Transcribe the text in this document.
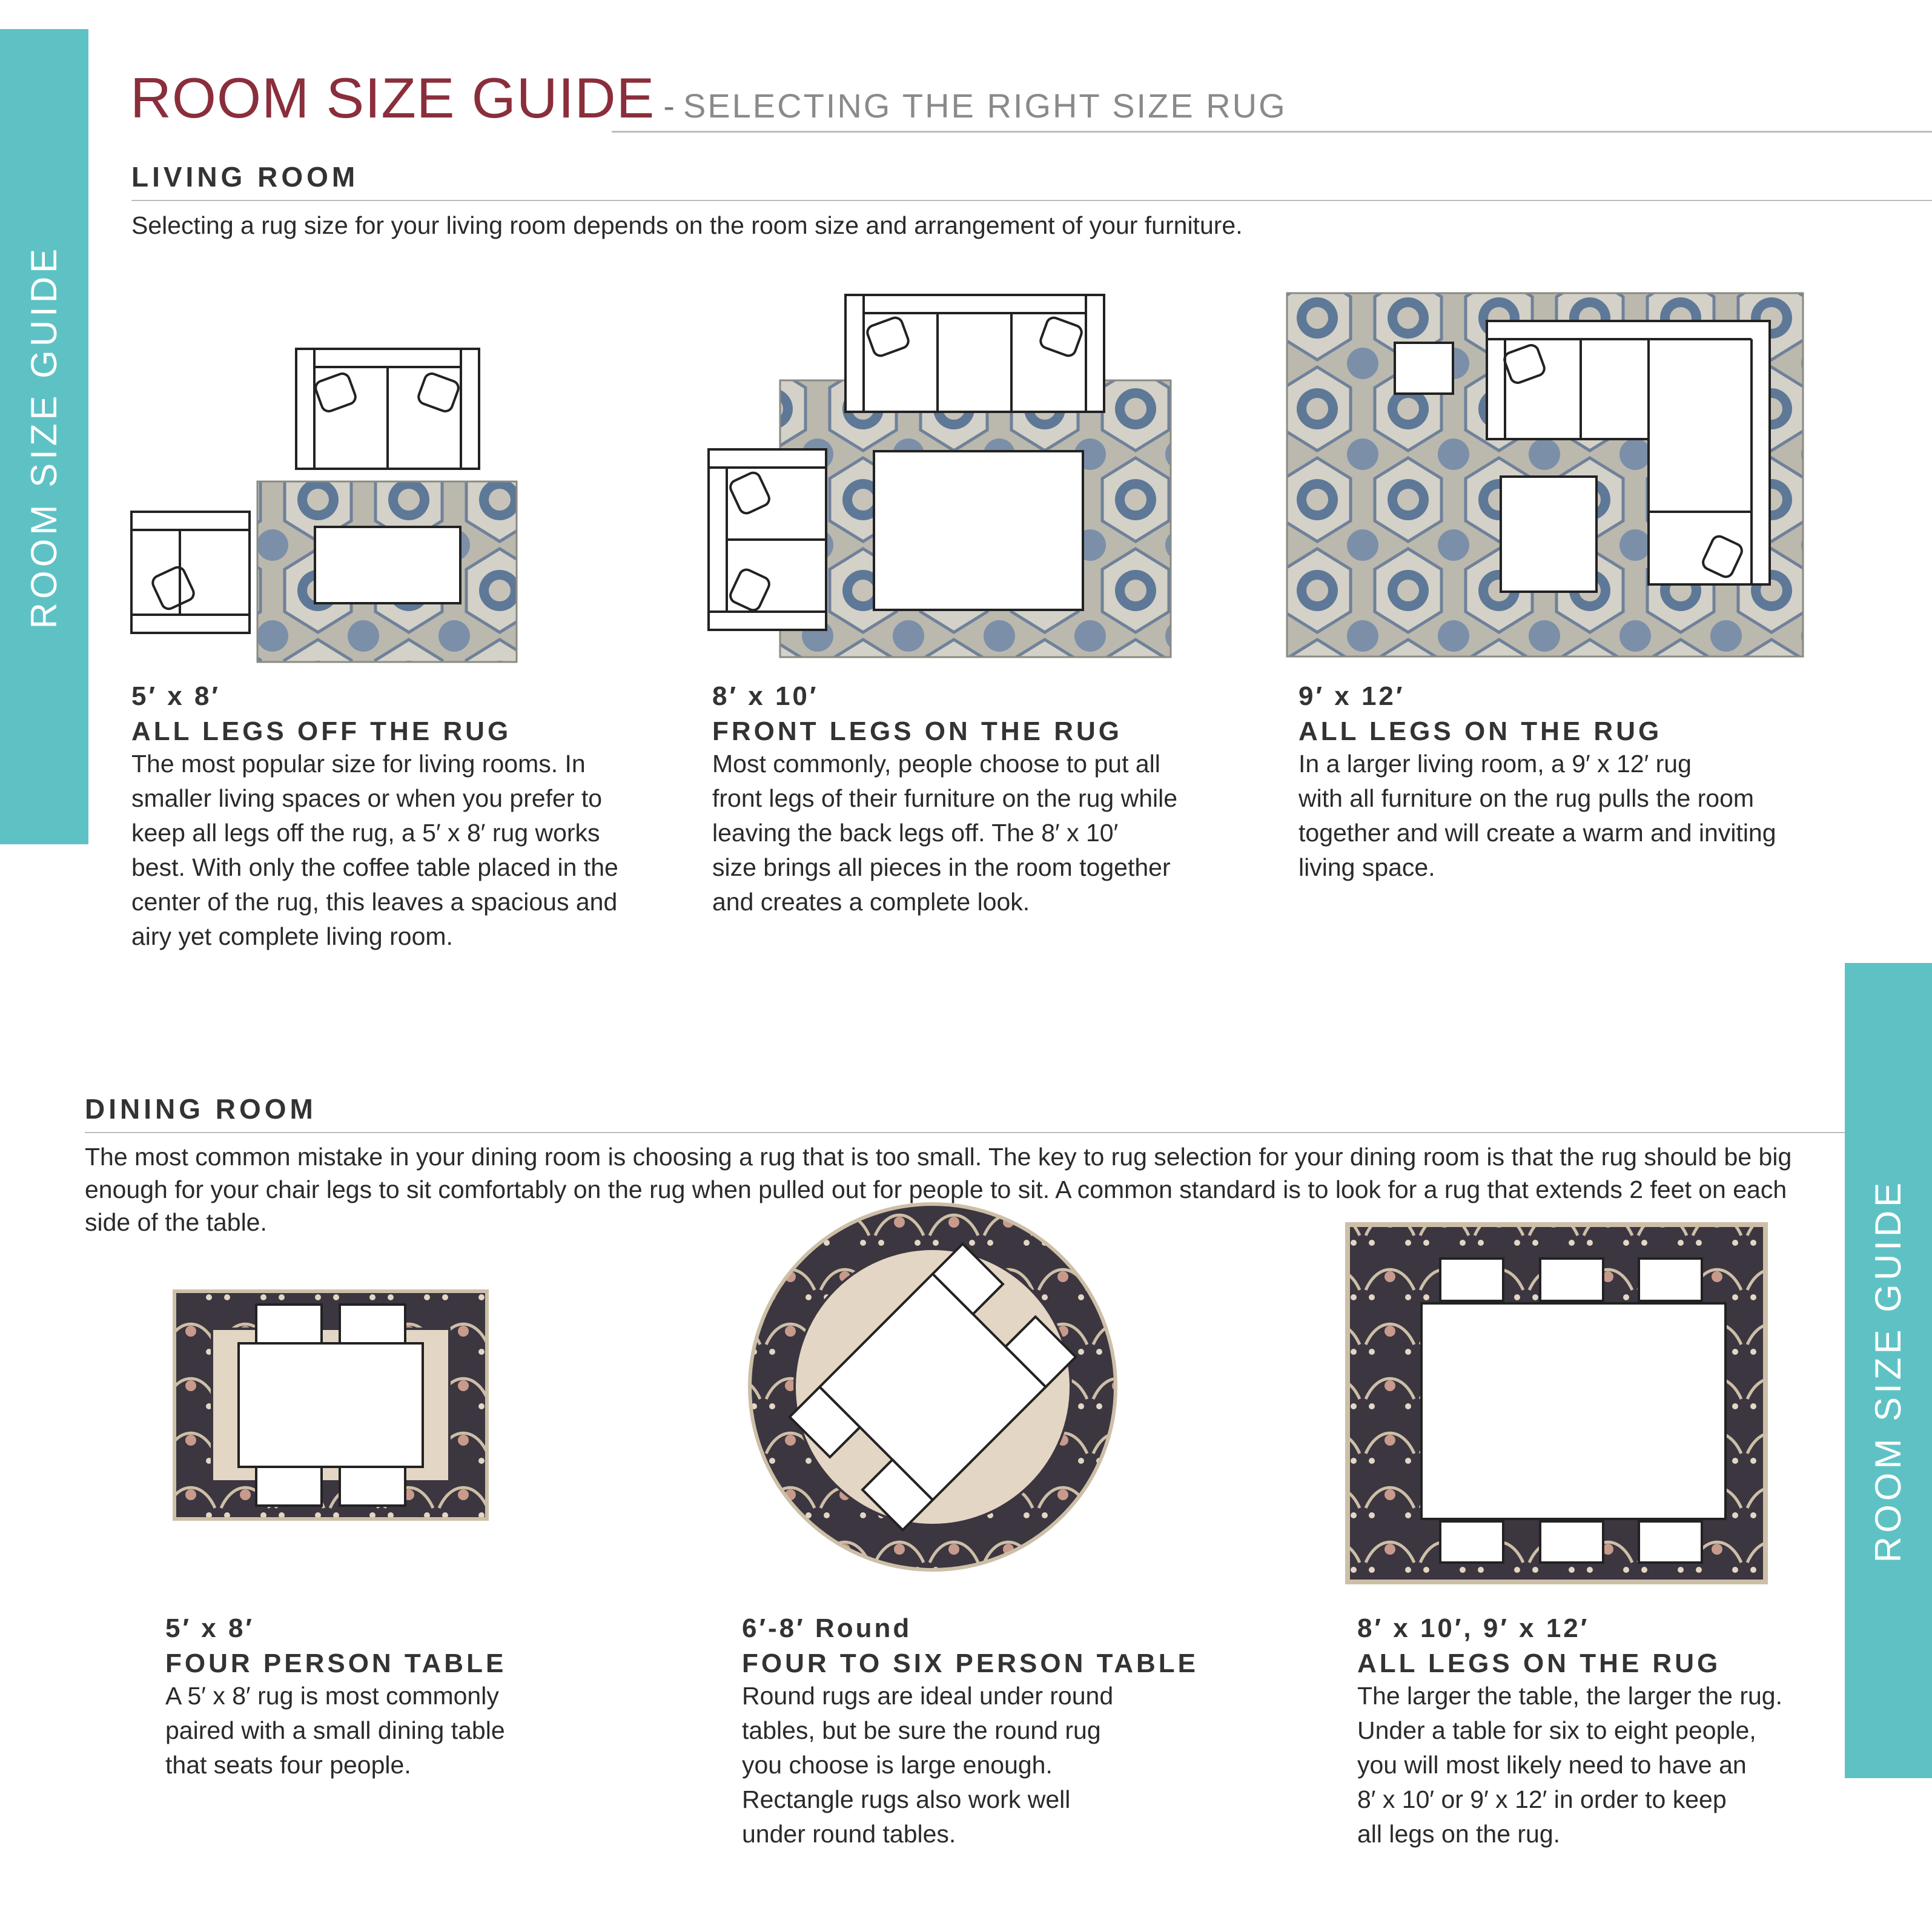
ROOM SIZE GUIDE
ROOM SIZE GUIDE
ROOM SIZE GUIDE - SELECTING THE RIGHT SIZE RUG
LIVING ROOM
Selecting a rug size for your living room depends on the room size and arrangement of your furniture.
5′ x 8′
ALL LEGS OFF THE RUG
The most popular size for living rooms. In
smaller living spaces or when you prefer to
keep all legs off the rug, a 5′ x 8′ rug works
best. With only the coffee table placed in the
center of the rug, this leaves a spacious and
airy yet complete living room.
8′ x 10′
FRONT LEGS ON THE RUG
Most commonly, people choose to put all
front legs of their furniture on the rug while
leaving the back legs off. The 8′ x 10′
size brings all pieces in the room together
and creates a complete look.
9′ x 12′
ALL LEGS ON THE RUG
In a larger living room, a 9′ x 12′ rug
with all furniture on the rug pulls the room
together and will create a warm and inviting
living space.
DINING ROOM
The most common mistake in your dining room is choosing a rug that is too small. The key to rug selection for your dining room is that the rug should be big
enough for your chair legs to sit comfortably on the rug when pulled out for people to sit. A common standard is to look for a rug that extends 2 feet on each
side of the table.
5′ x 8′
FOUR PERSON TABLE
A 5′ x 8′ rug is most commonly
paired with a small dining table
that seats four people.
6′-8′ Round
FOUR TO SIX PERSON TABLE
Round rugs are ideal under round
tables, but be sure the round rug
you choose is large enough.
Rectangle rugs also work well
under round tables.
8′ x 10′, 9′ x 12′
ALL LEGS ON THE RUG
The larger the table, the larger the rug.
Under a table for six to eight people,
you will most likely need to have an
8′ x 10′ or 9′ x 12′ in order to keep
all legs on the rug.
